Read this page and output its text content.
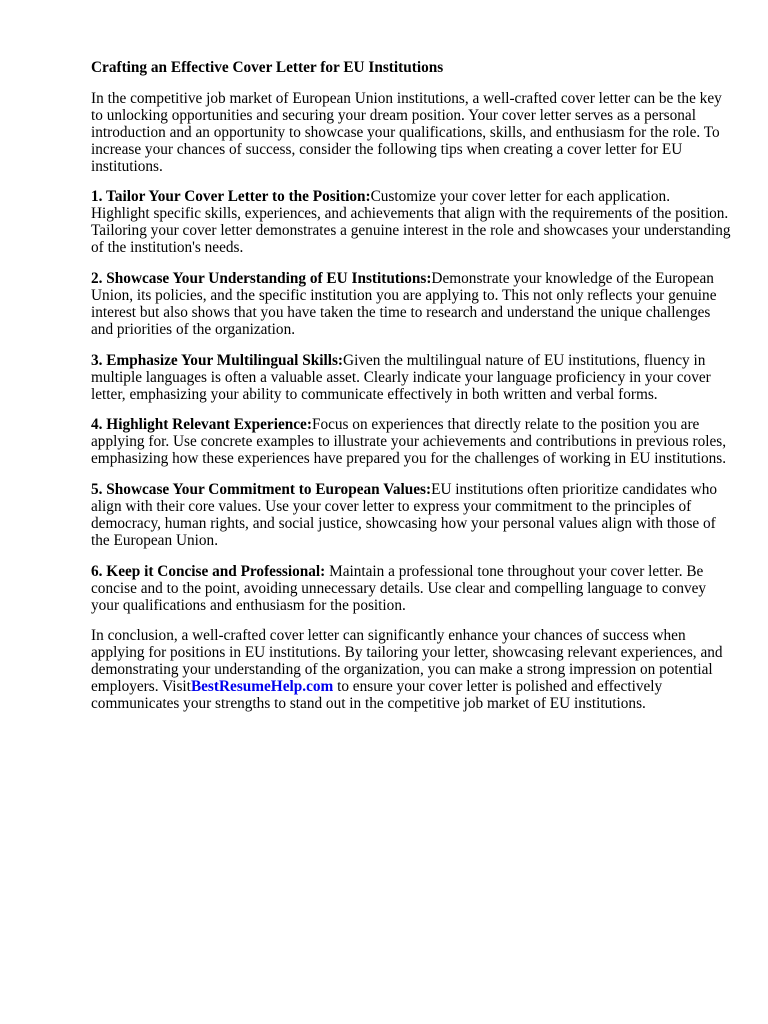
Crafting an Effective Cover Letter for EU Institutions

In the competitive job market of European Union institutions, a well-crafted cover letter can be the key to unlocking opportunities and securing your dream position. Your cover letter serves as a personal introduction and an opportunity to showcase your qualifications, skills, and enthusiasm for the role. To increase your chances of success, consider the following tips when creating a cover letter for EU institutions.

1. Tailor Your Cover Letter to the Position:Customize your cover letter for each application. Highlight specific skills, experiences, and achievements that align with the requirements of the position. Tailoring your cover letter demonstrates a genuine interest in the role and showcases your understanding of the institution's needs.

2. Showcase Your Understanding of EU Institutions:Demonstrate your knowledge of the European Union, its policies, and the specific institution you are applying to. This not only reflects your genuine interest but also shows that you have taken the time to research and understand the unique challenges and priorities of the organization.

3. Emphasize Your Multilingual Skills:Given the multilingual nature of EU institutions, fluency in multiple languages is often a valuable asset. Clearly indicate your language proficiency in your cover letter, emphasizing your ability to communicate effectively in both written and verbal forms.

4. Highlight Relevant Experience:Focus on experiences that directly relate to the position you are applying for. Use concrete examples to illustrate your achievements and contributions in previous roles, emphasizing how these experiences have prepared you for the challenges of working in EU institutions.

5. Showcase Your Commitment to European Values:EU institutions often prioritize candidates who align with their core values. Use your cover letter to express your commitment to the principles of democracy, human rights, and social justice, showcasing how your personal values align with those of the European Union.

6. Keep it Concise and Professional: Maintain a professional tone throughout your cover letter. Be concise and to the point, avoiding unnecessary details. Use clear and compelling language to convey your qualifications and enthusiasm for the position.

In conclusion, a well-crafted cover letter can significantly enhance your chances of success when applying for positions in EU institutions. By tailoring your letter, showcasing relevant experiences, and demonstrating your understanding of the organization, you can make a strong impression on potential employers. VisitBestResumeHelp.com to ensure your cover letter is polished and effectively communicates your strengths to stand out in the competitive job market of EU institutions.
